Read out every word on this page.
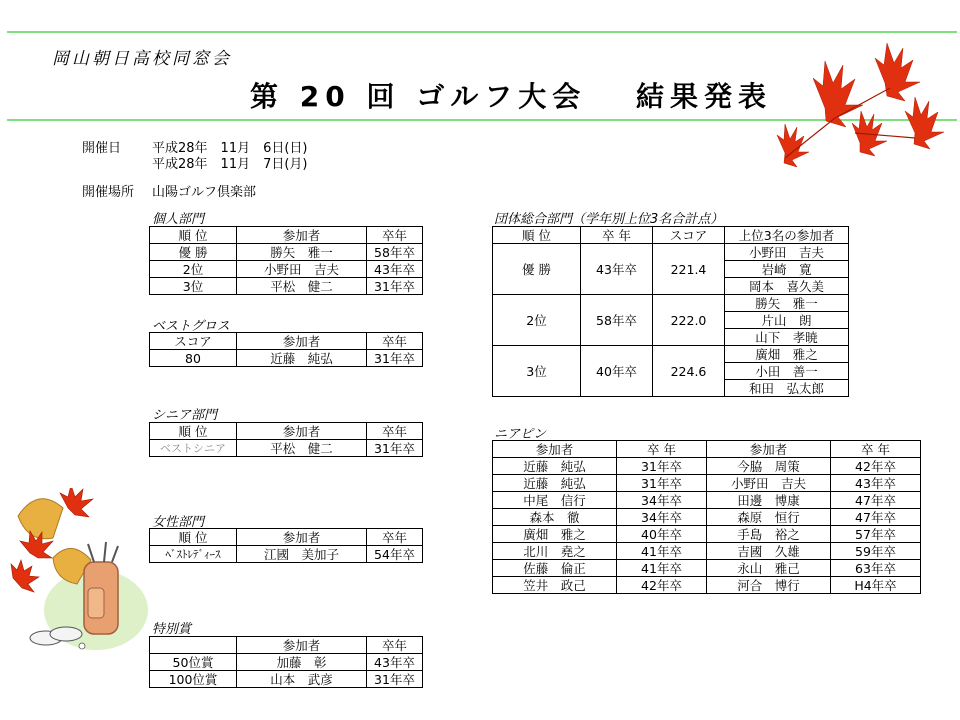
岡山朝日高校同窓会
第 20 回 ゴルフ大会　 結果発表
開催日 平成28年　11月　6日(日)
平成28年　11月　7日(月)
開催場所 山陽ゴルフ倶楽部
個人部門
順 位	参加者	卒年
優 勝	勝矢　雅一	58年卒
2位	小野田　吉夫	43年卒
3位	平松　健二	31年卒
ベストグロス
スコア	参加者	卒年
80	近藤　純弘	31年卒
シニア部門
順 位	参加者	卒年
ベストシニア	平松　健二	31年卒
女性部門
順 位	参加者	卒年
ﾍﾞｽﾄﾚﾃﾞｨｰｽ	江國　美加子	54年卒
特別賞
	参加者	卒年
50位賞	加藤　彰	43年卒
100位賞	山本　武彦	31年卒
団体総合部門（学年別上位3名合計点）
順 位	卒 年	スコア	上位3名の参加者
優 勝	43年卒	221.4	小野田　吉夫
			岩崎　寛
			岡本　喜久美
2位	58年卒	222.0	勝矢　雅一
			片山　朗
			山下　孝暁
3位	40年卒	224.6	廣畑　雅之
			小田　善一
			和田　弘太郎
ニアピン
参加者	卒 年	参加者	卒 年
近藤　純弘	31年卒	今脇　周策	42年卒
近藤　純弘	31年卒	小野田　吉夫	43年卒
中尾　信行	34年卒	田邊　博康	47年卒
森本　徹	34年卒	森原　恒行	47年卒
廣畑　雅之	40年卒	手島　裕之	57年卒
北川　堯之	41年卒	吉國　久雄	59年卒
佐藤　倫正	41年卒	永山　雅己	63年卒
笠井　政己	42年卒	河合　博行	H4年卒
